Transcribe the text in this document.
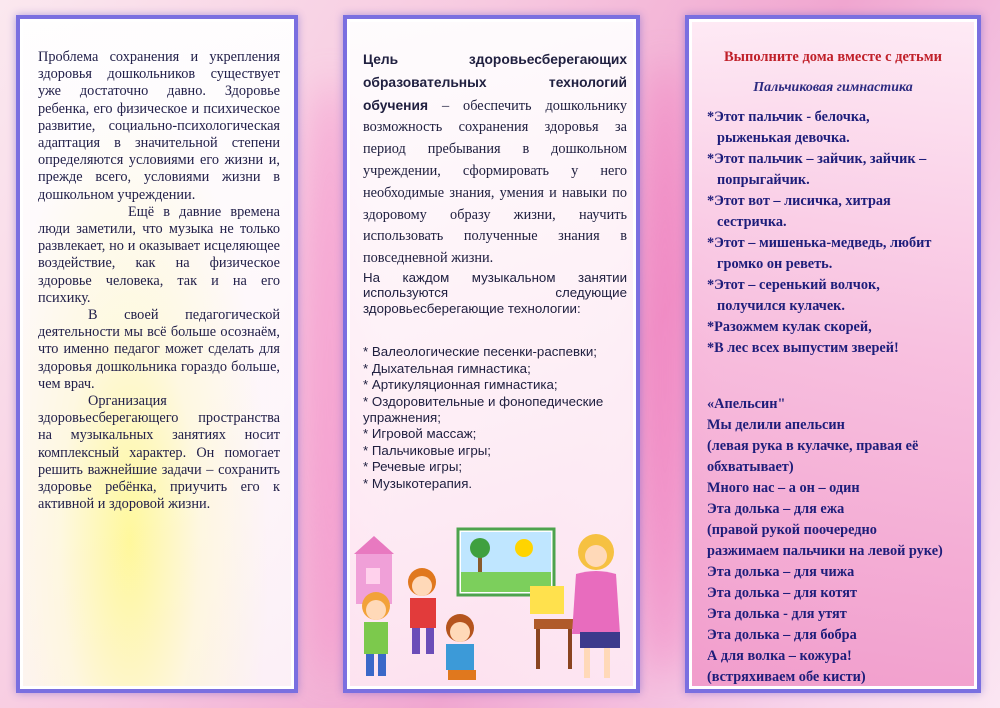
Проблема сохранения и укрепления здоровья дошкольников существует уже достаточно давно. Здоровье ребенка, его физическое и психическое развитие, социально-психологическая адаптация в значительной степени определяются условиями его жизни и, прежде всего, условиями жизни в дошкольном учреждении.

Ещё в давние времена люди заметили, что музыка не только развлекает, но и оказывает исцеляющее воздействие, как на физическое здоровье человека, так и на его психику.

В своей педагогической деятельности мы всё больше осознаём, что именно педагог может сделать для здоровья дошкольника гораздо больше, чем врач.

Организация здоровьесберегающего пространства на музыкальных занятиях носит комплексный характер. Он помогает решить важнейшие задачи – сохранить здоровье ребёнка, приучить его к активной и здоровой жизни.

Цель здоровьесберегающих образовательных технологий обучения – обеспечить дошкольнику возможность сохранения здоровья за период пребывания в дошкольном учреждении, сформировать у него необходимые знания, умения и навыки по здоровому образу жизни, научить использовать полученные знания в повседневной жизни.

На каждом музыкальном занятии используются следующие здоровьесберегающие технологии:

* Валеологические песенки-распевки;
* Дыхательная гимнастика;
* Артикуляционная гимнастика;
* Оздоровительные и фонопедические упражнения;
* Игровой массаж;
* Пальчиковые игры;
* Речевые игры;
* Музыкотерапия.
Выполните дома вместе с детьми
Пальчиковая гимнастика
*Этот пальчик - белочка,
рыженькая девочка.
*Этот пальчик – зайчик, зайчик –
попрыгайчик.
*Этот вот – лисичка, хитрая
сестричка.
*Этот – мишенька-медведь, любит
громко он реветь.
*Этот – серенький волчок,
получился кулачек.
*Разожмем кулак скорей,
*В лес всех выпустим зверей!
«Апельсин"
Мы делили апельсин
(левая рука в кулачке, правая её
обхватывает)
Много нас – а он – один
Эта долька – для ежа
(правой рукой поочередно
разжимаем пальчики на левой руке)
Эта долька – для чижа
Эта долька – для котят
Эта долька - для утят
Эта долька – для бобра
А для волка – кожура!
(встряхиваем обе кисти)
